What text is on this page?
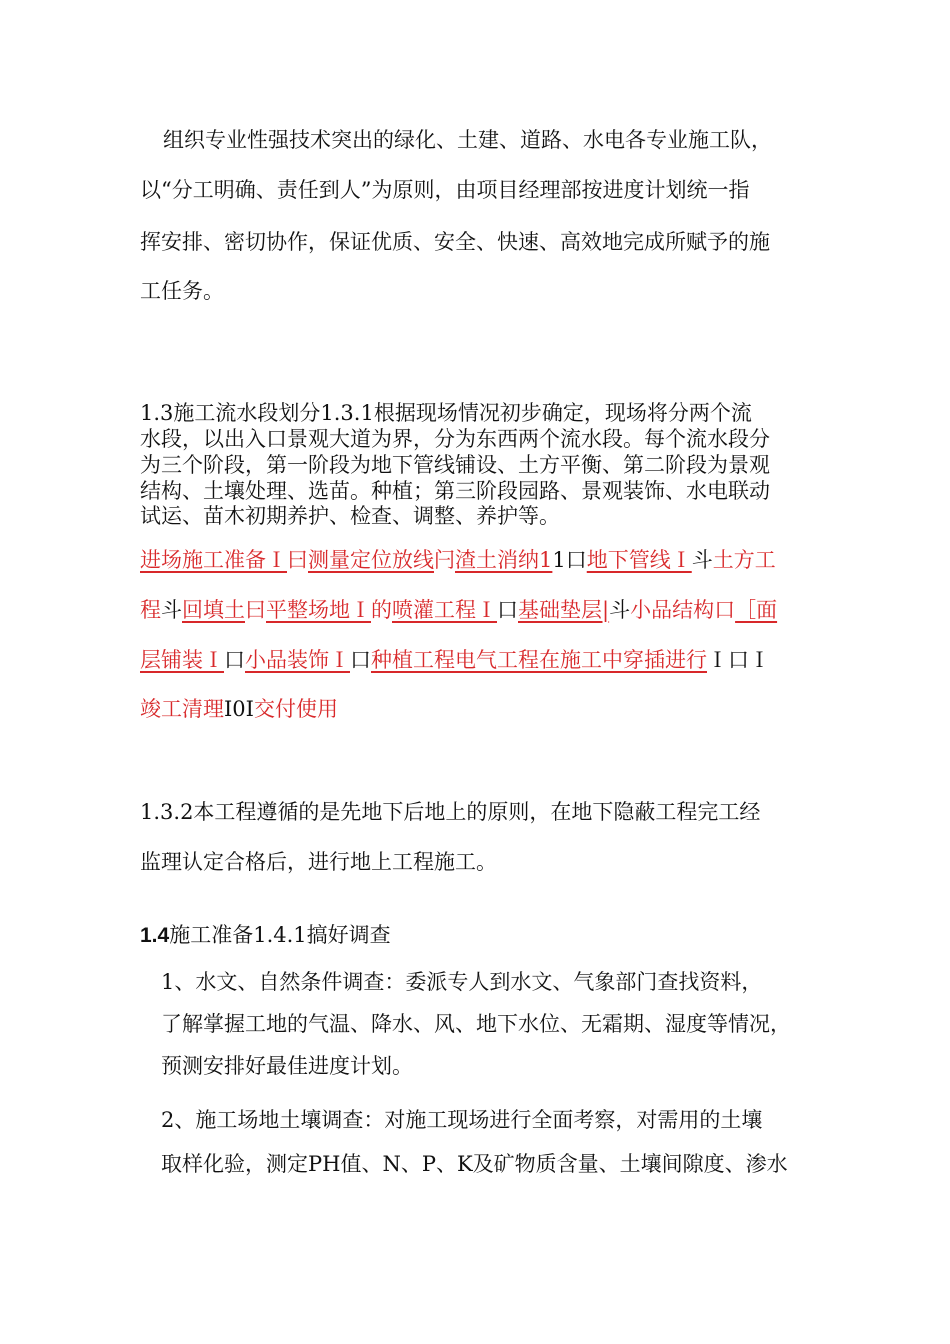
组织专业性强技术突出的绿化、土建、道路、水电各专业施工队，
以“分工明确、责任到人”为原则，由项目经理部按进度计划统一指
挥安排、密切协作，保证优质、安全、快速、高效地完成所赋予的施
工任务。
1.3施工流水段划分1.3.1根据现场情况初步确定，现场将分两个流
水段，以出入口景观大道为界，分为东西两个流水段。每个流水段分
为三个阶段，第一阶段为地下管线铺设、土方平衡、第二阶段为景观
结构、土壤处理、选苗。种植；第三阶段园路、景观装饰、水电联动
试运、苗木初期养护、检查、调整、养护等。
进场施工准备Ｉ曰测量定位放线闩渣土消纳11口地下管线Ｉ斗土方工
程斗回填土曰平整场地Ｉ的喷灌工程Ｉ口基础垫层|斗小品结构口［面
层铺装Ｉ口小品装饰Ｉ口种植工程电气工程在施工中穿插进行Ｉ口Ｉ
竣工清理I0I交付使用
1.3.2本工程遵循的是先地下后地上的原则，在地下隐蔽工程完工经
监理认定合格后，进行地上工程施工。
1.4施工准备1.4.1搞好调查
1、水文、自然条件调查：委派专人到水文、气象部门查找资料，
了解掌握工地的气温、降水、风、地下水位、无霜期、湿度等情况，
预测安排好最佳进度计划。
2、施工场地土壤调查：对施工现场进行全面考察，对需用的土壤
取样化验，测定PH值、N、P、K及矿物质含量、土壤间隙度、渗水
